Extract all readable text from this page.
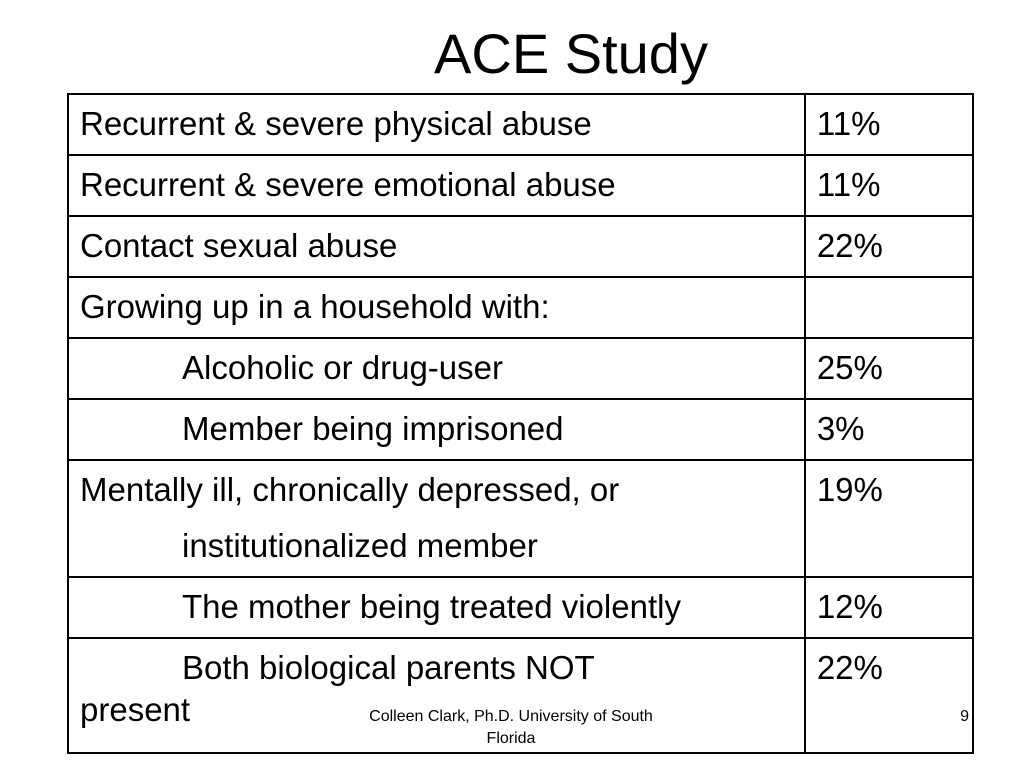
ACE Study
Recurrent & severe physical abuse	11%
Recurrent & severe emotional abuse	11%
Contact sexual abuse	22%
Growing up in a household with:	
Alcoholic or drug-user	25%
Member being imprisoned	3%
Mentally ill, chronically depressed, or
institutionalized member	19%
The mother being treated violently	12%

Both biological parents NOT
present	22%
Colleen Clark, Ph.D. University of South Florida
9
